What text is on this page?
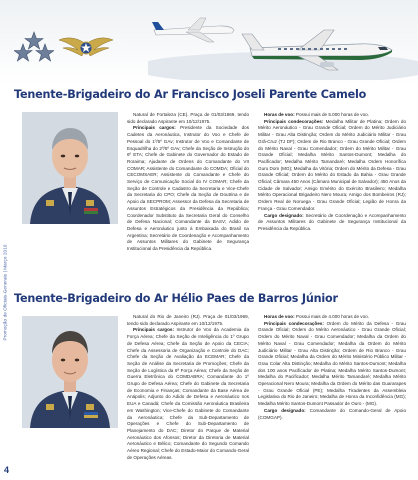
Promoção de Oficiais-Generais | Março 2010
Tenente-Brigadeiro do Ar Francisco Joseli Parente Camelo

Natural de Fortaleza (CE). Praça de 01/03/1969, tendo sido declarado Aspirante em 10/12/1975.

Principais cargos: Presidente da Sociedade dos Cadetes da Aeronáutica, Instrutor do Voo e Chefe de Pessoal do 1º/5º GAv; Instrutor de Voo e Comandante de Esquadrilha do 2º/5º GAv; Chefe da Seção de Instrução do 6º ETA; Chefe de Gabinete do Governador do Estado de Roraima; Ajudante de Ordens do Comandante do VII COMAR; Assistente do Comandante do COMDA; Oficial do CECOMSAER; Assistente do Comandante e Chefe do Serviço de Comunicação Social do IV COMAR; Chefe da Seção de Controle e Cadastro da Secretaria e Vice-Chefe da Secretaria do CPO; Chefe da Seção de Doutrina e de Apoio da SECPROM; Assessor da Defesa da Secretaria de Assuntos Estratégicos da Presidência da República; Coordenador Substituto da Secretaria Geral do Conselho de Defesa Nacional; Comandante da BASV; Adido de Defesa e Aeronáutico junto à Embaixada do Brasil na Argentina; Secretário de Coordenação e Acompanhamento de Assuntos Militares do Gabinete de Segurança Institucional da Presidência da República.

Horas de voo: Possui mais de 5.000 horas de voo.

Principais condecorações: Medalha Militar de Platina; Ordem do Mérito Aeronáutico - Grau Grande Oficial; Ordem do Mérito Judiciário Militar - Grau Alta Distinção; Ordem do Mérito Judiciário Militar - Grau Grã-Cruz (TJ DF); Ordem de Rio Branco - Grau Grande Oficial; Ordem do Mérito Naval - Grau Comendador; Ordem do Mérito Militar - Grau Grande Oficial; Medalha Mérito Santos-Dumont; Medalha do Pacificador; Medalha Mérito Tamandaré; Medalha Ordem Honorífica Guru Dom (MG); Medalha da Vitória; Ordem do Mérito da Defesa - Grau Grande Oficial; Ordem do Mérito do Estado da Bahia - Grau Grande Oficial; Câmara 450 Anos (Câmara Municipal de Salvador); 450 Anos da Cidade de Salvador; Amigo Emérito do Exército Brasileiro; Medalha Mérito Operacional Brigadeiro Nero Moura; Amigo dos Bombeiros (RJ); Ordem Real de Noruega - Grau Grande Oficial; Legião de Honra da França - Grau Comendador.

Cargo designado: Secretário de Coordenação e Acompanhamento de Assuntos Militares do Gabinete de Segurança Institucional da Presidência da República.

Tenente-Brigadeiro do Ar Hélio Paes de Barros Júnior

Natural do Rio de Janeiro (RJ). Praça de 01/03/1969, tendo sido declarado Aspirante em 10/12/1975.

Principais cargos: Instrutor de Voo da Academia da Força Aérea; Chefe da Seção de Inteligência do 1º Grupo de Defesa Aérea; Chefe da Seção de Apoio da CECIA; Chefe da Assessoria de Organização e Controle do DAC; Chefe da Seção de Avaliação da ECEMAR; Chefe da Seção de Análise da Secretaria de Promoções; Chefe da Seção de Logística da 6ª Força Aérea; Chefe da Seção de Guerra Eletrônica do COMDABRA; Comandante do 1º Grupo de Defesa Aérea; Chefe do Gabinete da Secretaria de Economia e Finanças; Comandante da Base Aérea de Anápolis; Adjunto do Adido de Defesa e Aeronáutico nos EUA e Canadá; Chefe da Comissão Aeronáutica Brasileira em Washington; Vice-Chefe do Gabinete do Comandante da Aeronáutica; Chefe da Sub-Departamento de Operações e Chefe do Sub-Departamento de Planejamento do DAC; Diretor do Parque de Material Aeronáutico dos Afonsos; Diretor da Diretoria de Material Aeronáutico e Bélico; Comandante do Segundo Comando Aéreo Regional; Chefe do Estado-Maior do Comando-Geral de Operações Aéreas.

Horas de voo: Possui mais de 4.000 horas de voo.

Principais condecorações: Ordem do Mérito da Defesa - Grau Grande Oficial; Ordem do Mérito Aeronáutico - Grau Grande Oficial; Ordem do Mérito Naval - Grau Comendador; Medalha da Ordem do Mérito Naval - Grau Comendador; Medalha da Ordem do Mérito Judiciário Militar - Grau Alta Distinção; Ordem de Rio Branco - Grau Grande Oficial; Medalha da Ordem do Mérito Ministério Público Militar - Grau Colar Alta Distinção; Medalha do Mérito Santos-Dumont; Medalha dos 100 anos Pacificador de Platina; Medalha Mérito Santos-Dumont; Medalha do Pacificador; Medalha Mérito Tamandaré; Medalha Mérito Operacional Nero Moura; Medalha da Ordem do Mérito das Guararapes - Grau Grande Oficial (PE); Medalha Tiradentes da Assembleia Legislativa do Rio de Janeiro; Medalha de Honra da Inconfidência (MG); Medalha Mérito Santos-Dumont Passador de Ouro - (MG).

Cargo designado: Comandante do Comando-Geral de Apoio (COMGAP).

4
